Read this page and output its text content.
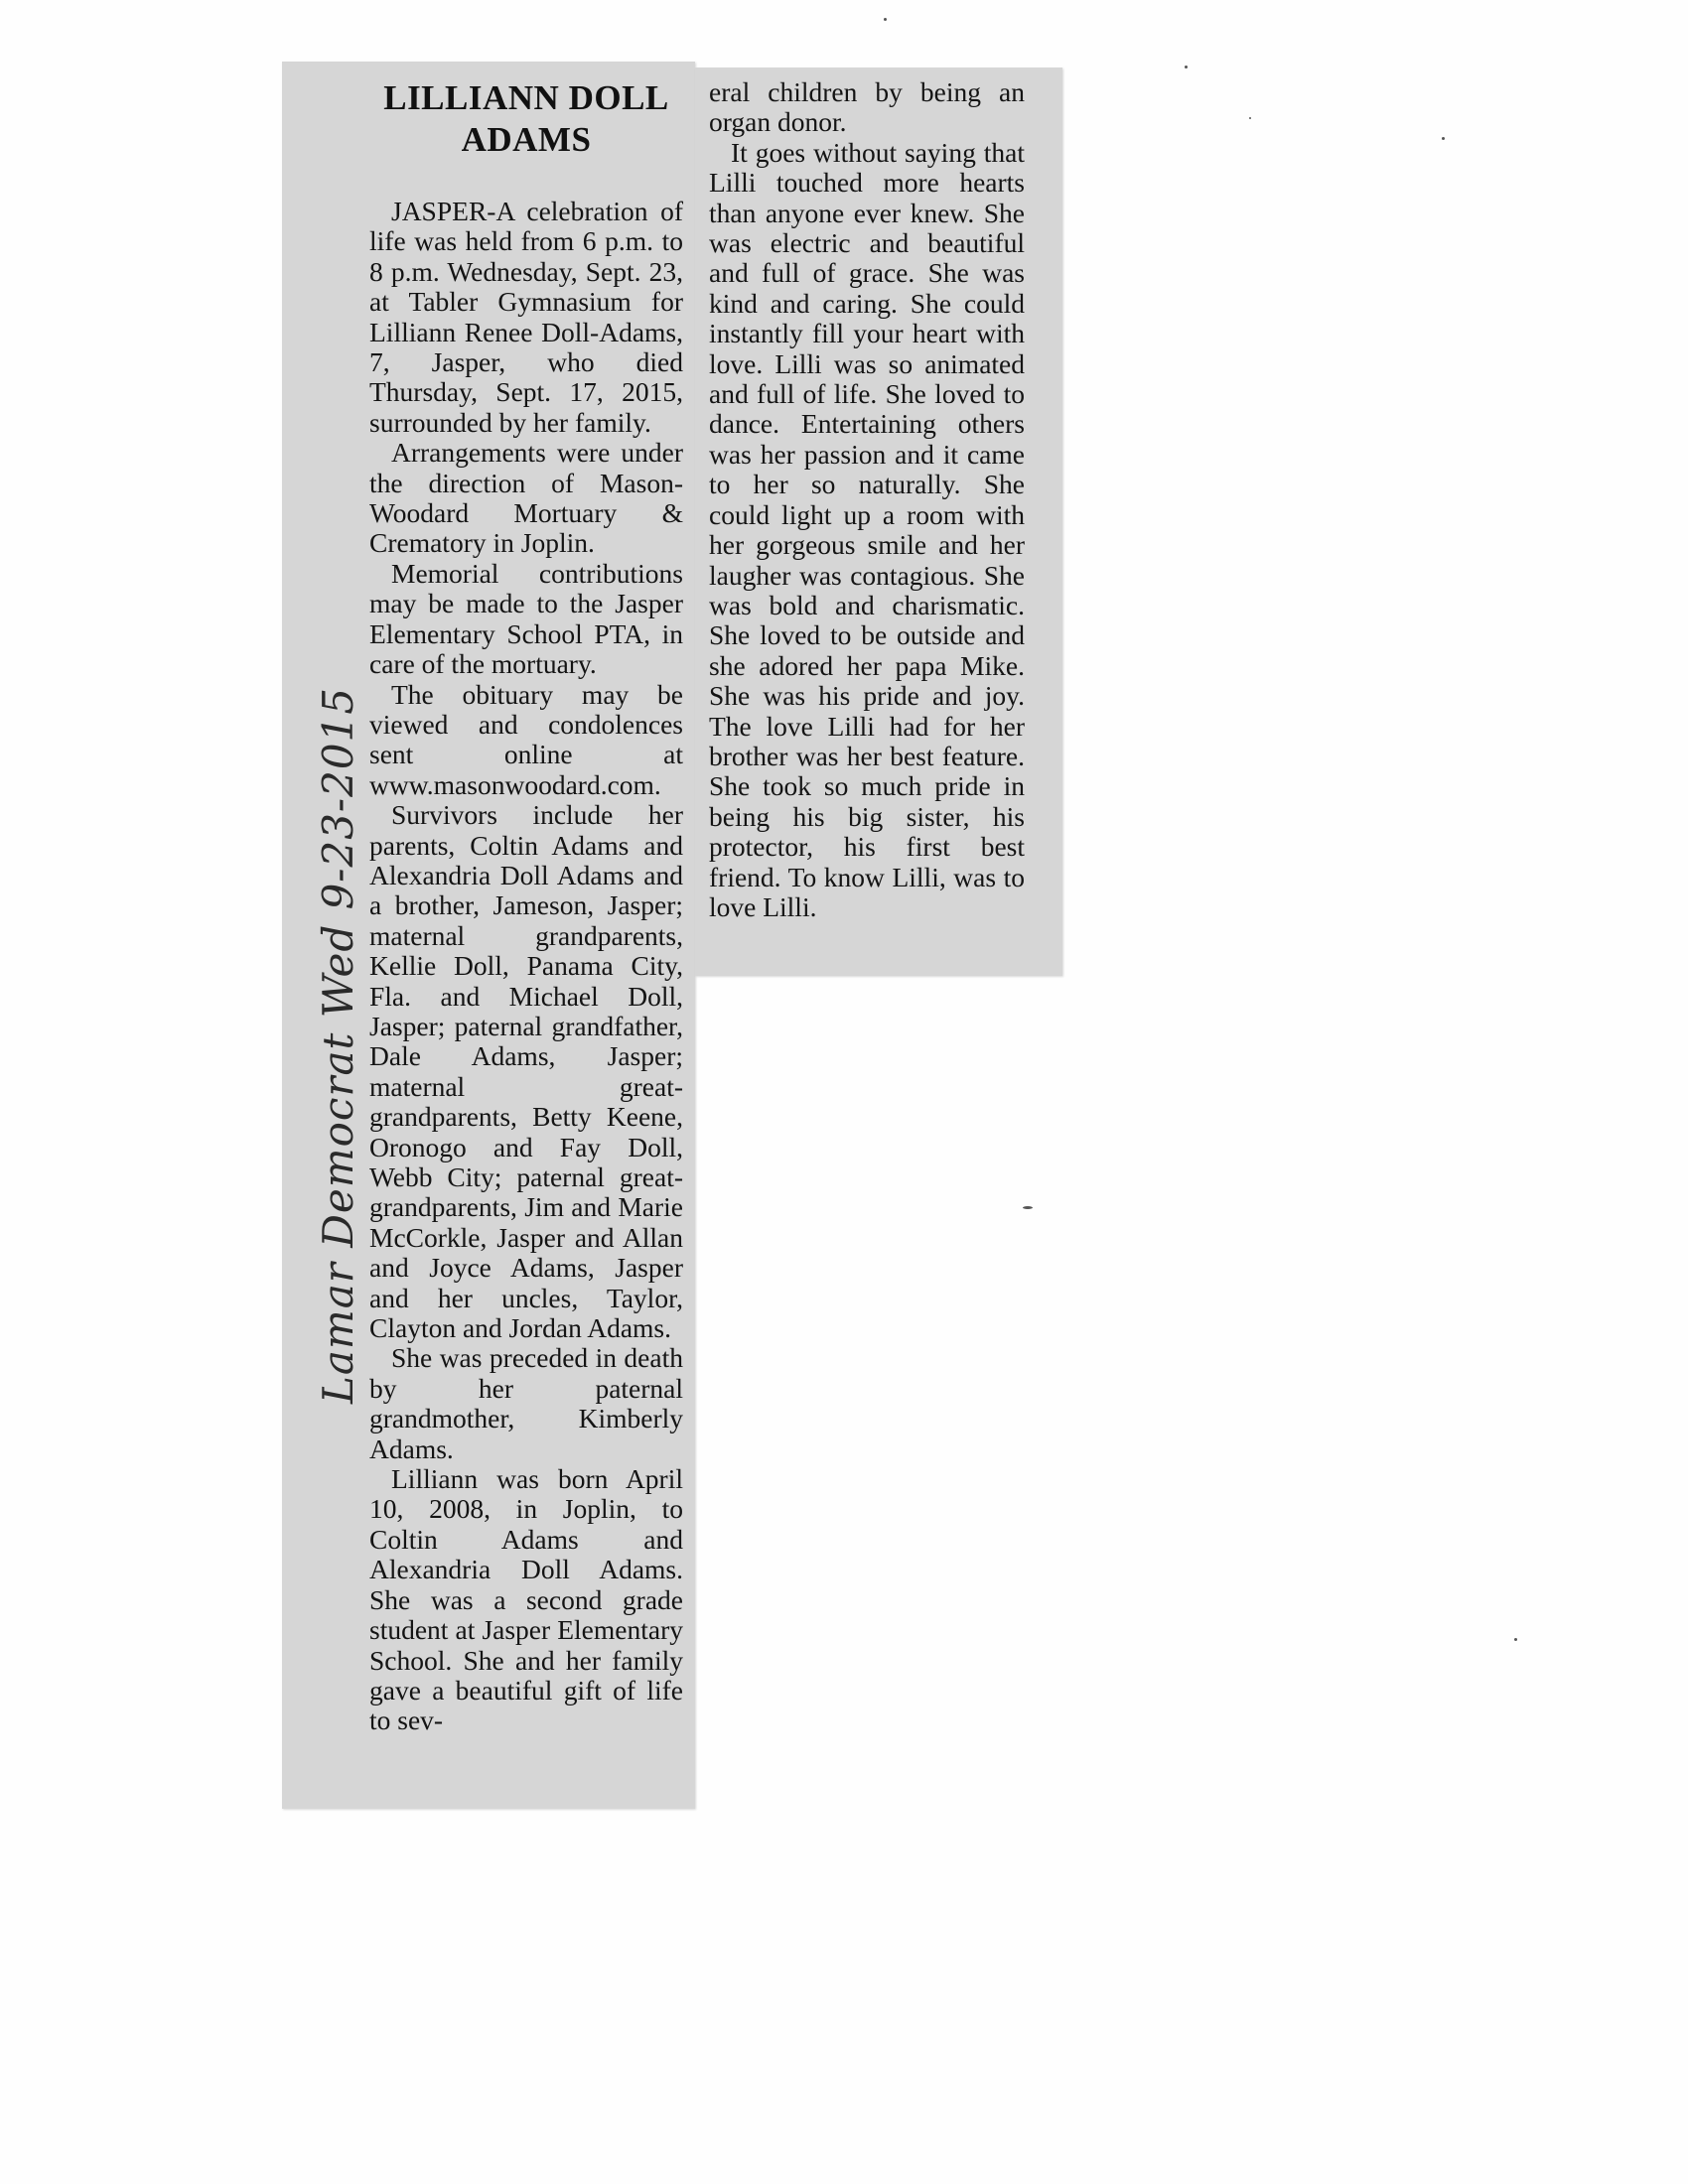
Lamar Democrat Wed 9-23-2015
LILLIANN DOLL ADAMS

JASPER-A celebration of life was held from 6 p.m. to 8 p.m. Wednesday, Sept. 23, at Tabler Gymnasium for Lilliann Renee Doll-Adams, 7, Jasper, who died Thursday, Sept. 17, 2015, surrounded by her family.

Arrangements were under the direction of Mason-Woodard Mortuary & Crematory in Joplin.

Memorial contributions may be made to the Jasper Elementary School PTA, in care of the mortuary.

The obituary may be viewed and condolences sent online at www.masonwoodard.com.

Survivors include her parents, Coltin Adams and Alexandria Doll Adams and a brother, Jameson, Jasper; maternal grandparents, Kellie Doll, Panama City, Fla. and Michael Doll, Jasper; paternal grandfather, Dale Adams, Jasper; maternal great-grandparents, Betty Keene, Oronogo and Fay Doll, Webb City; paternal great-grandparents, Jim and Marie McCorkle, Jasper and Allan and Joyce Adams, Jasper and her uncles, Taylor, Clayton and Jordan Adams.

She was preceded in death by her paternal grandmother, Kimberly Adams.

Lilliann was born April 10, 2008, in Joplin, to Coltin Adams and Alexandria Doll Adams. She was a second grade student at Jasper Elementary School. She and her family gave a beautiful gift of life to sev-

eral children by being an organ donor.

It goes without saying that Lilli touched more hearts than anyone ever knew. She was electric and beautiful and full of grace. She was kind and caring. She could instantly fill your heart with love. Lilli was so animated and full of life. She loved to dance. Entertaining others was her passion and it came to her so naturally. She could light up a room with her gorgeous smile and her laugher was contagious. She was bold and charismatic. She loved to be outside and she adored her papa Mike. She was his pride and joy. The love Lilli had for her brother was her best feature. She took so much pride in being his big sister, his protector, his first best friend. To know Lilli, was to love Lilli.
